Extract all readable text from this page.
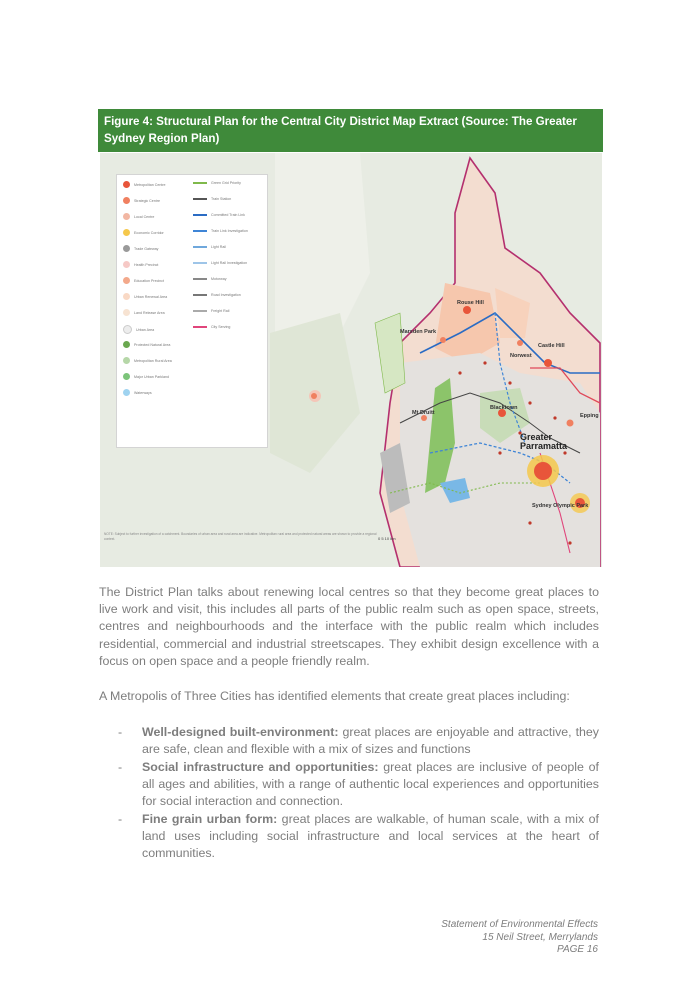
Figure 4: Structural Plan for the Central City District Map Extract (Source: The Greater Sydney Region Plan)
Metropolitan Centre
Strategic Centre
Local Centre
Economic Corridor
Trade Gateway
Health Precinct
Education Precinct
Urban Renewal Area
Land Release Area
Urban Area
Protected Natural Area
Metropolitan Rural Area
Major Urban Parkland
Waterways
Green Grid Priority
Train Station
Committed Train Link
Train Link Investigation
Light Rail
Light Rail Investigation
Motorway
Road Investigation
Freight Rail
City Serving
Rouse Hill
Marsden Park
Castle Hill
Norwest
Blacktown
Mt Druitt	Epping
Greater
Parramatta
Sydney Olympic Park
NOTE: Subject to further investigation of a catchment. Boundaries of urban area and rural area are indicative. Metropolitan rural area and protected natural areas are shown to provide a regional context.	0 5 10 km
The District Plan talks about renewing local centres so that they become great places to live work and visit, this includes all parts of the public realm such as open space, streets, centres and neighbourhoods and the interface with the public realm which includes residential, commercial and industrial streetscapes. They exhibit design excellence with a focus on open space and a people friendly realm.
A Metropolis of Three Cities has identified elements that create great places including:
- Well-designed built-environment: great places are enjoyable and attractive, they are safe, clean and flexible with a mix of sizes and functions
- Social infrastructure and opportunities: great places are inclusive of people of all ages and abilities, with a range of authentic local experiences and opportunities for social interaction and connection.
- Fine grain urban form: great places are walkable, of human scale, with a mix of land uses including social infrastructure and local services at the heart of communities.
Statement of Environmental Effects
15 Neil Street, Merrylands
PAGE 16
